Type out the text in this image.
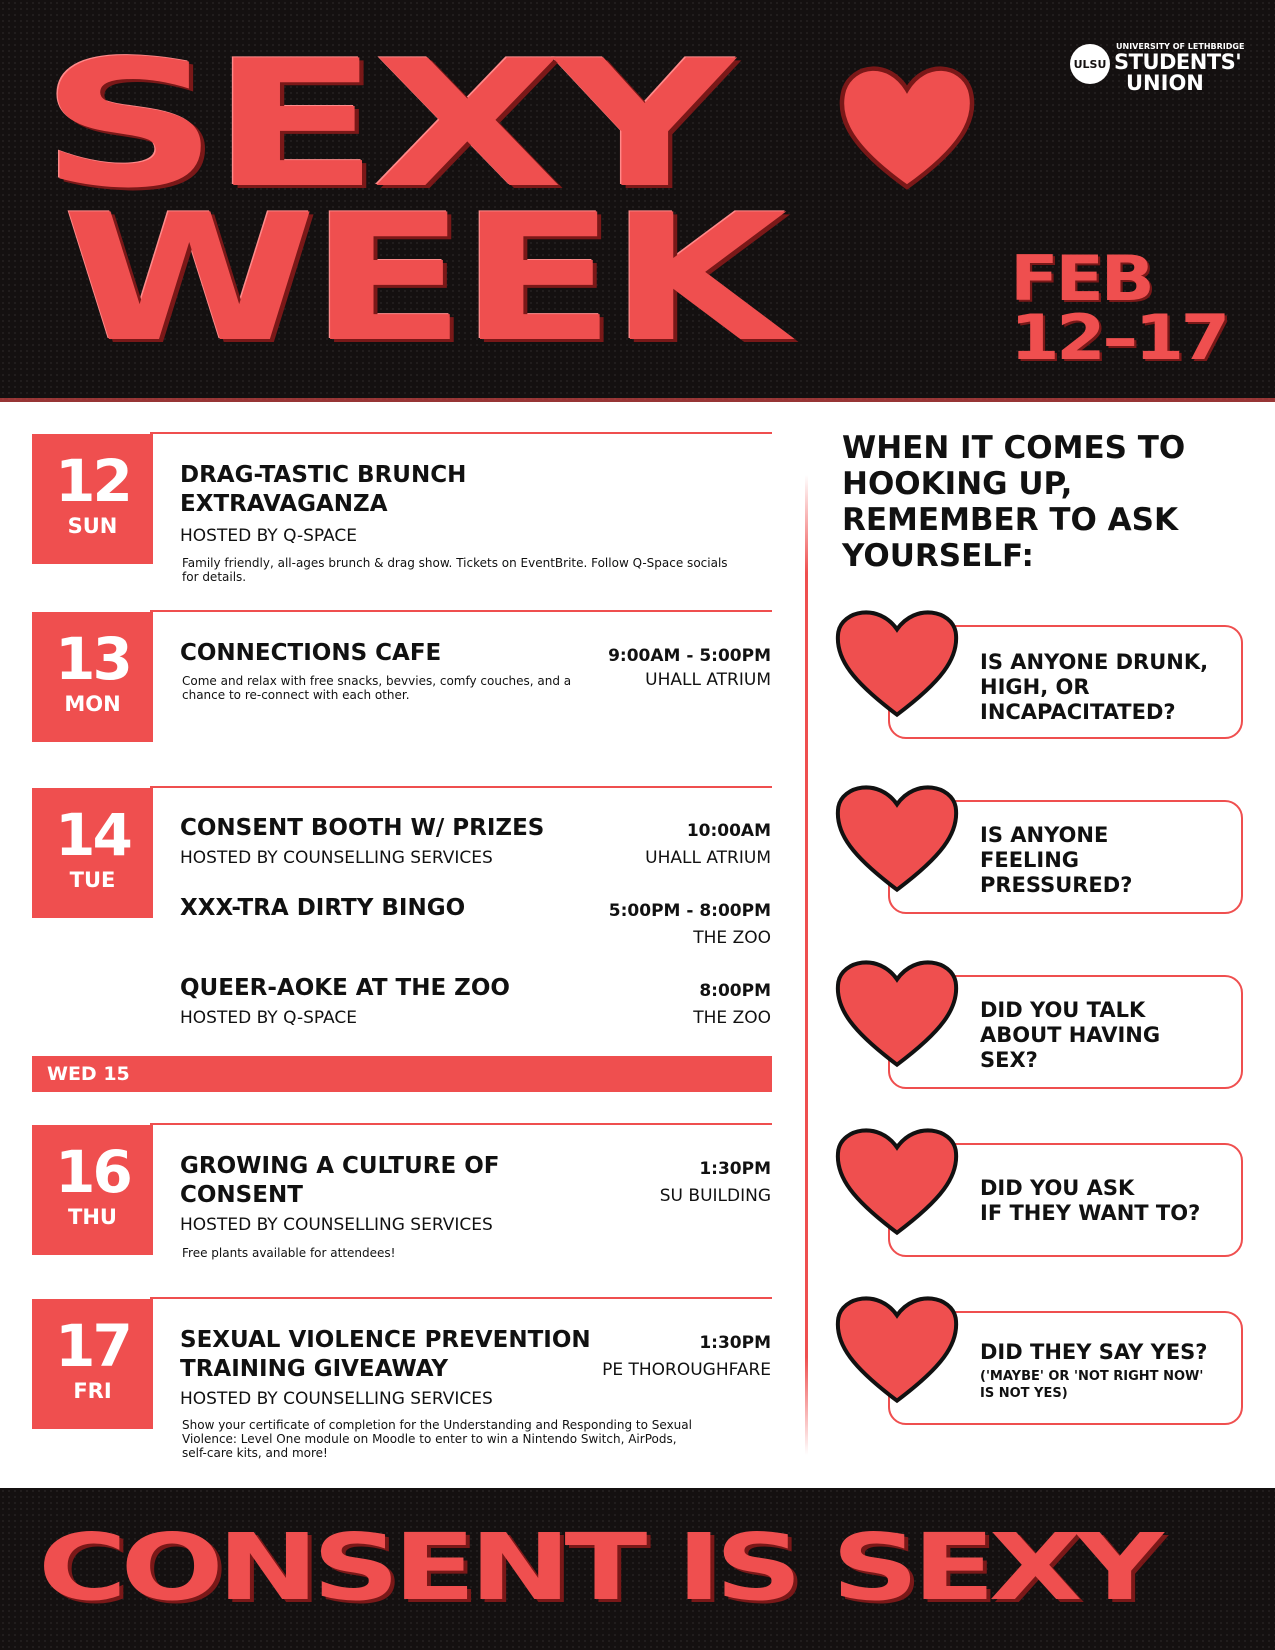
SEXY
WEEK	FEB
12–17
ULSU
UNIVERSITY OF LETHBRIDGE
STUDENTS'
UNION
12
SUN
DRAG-TASTIC BRUNCH
EXTRAVAGANZA
HOSTED BY Q-SPACE
Family friendly, all-ages brunch & drag show. Tickets on EventBrite. Follow Q-Space socials for details.
13
MON
CONNECTIONS CAFE
Come and relax with free snacks, bevvies, comfy couches, and a chance to re-connect with each other.
9:00AM - 5:00PM
UHALL ATRIUM
14
TUE
CONSENT BOOTH W/ PRIZES
HOSTED BY COUNSELLING SERVICES
10:00AM
UHALL ATRIUM
XXX-TRA DIRTY BINGO	5:00PM - 8:00PM
THE ZOO
QUEER-AOKE AT THE ZOO
HOSTED BY Q-SPACE
8:00PM
THE ZOO
WED 15
16
THU
GROWING A CULTURE OF
CONSENT
HOSTED BY COUNSELLING SERVICES
Free plants available for attendees!
1:30PM
SU BUILDING
17
FRI
SEXUAL VIOLENCE PREVENTION
TRAINING GIVEAWAY
HOSTED BY COUNSELLING SERVICES
Show your certificate of completion for the Understanding and Responding to Sexual Violence: Level One module on Moodle to enter to win a Nintendo Switch, AirPods, self-care kits, and more!
1:30PM
PE THOROUGHFARE
WHEN IT COMES TO HOOKING UP, REMEMBER TO ASK YOURSELF:
IS ANYONE DRUNK,
HIGH, OR
INCAPACITATED?
IS ANYONE
FEELING
PRESSURED?
DID YOU TALK
ABOUT HAVING
SEX?
DID YOU ASK
IF THEY WANT TO?
DID THEY SAY YES?
('MAYBE' OR 'NOT RIGHT NOW'
IS NOT YES)
CONSENT IS SEXY
